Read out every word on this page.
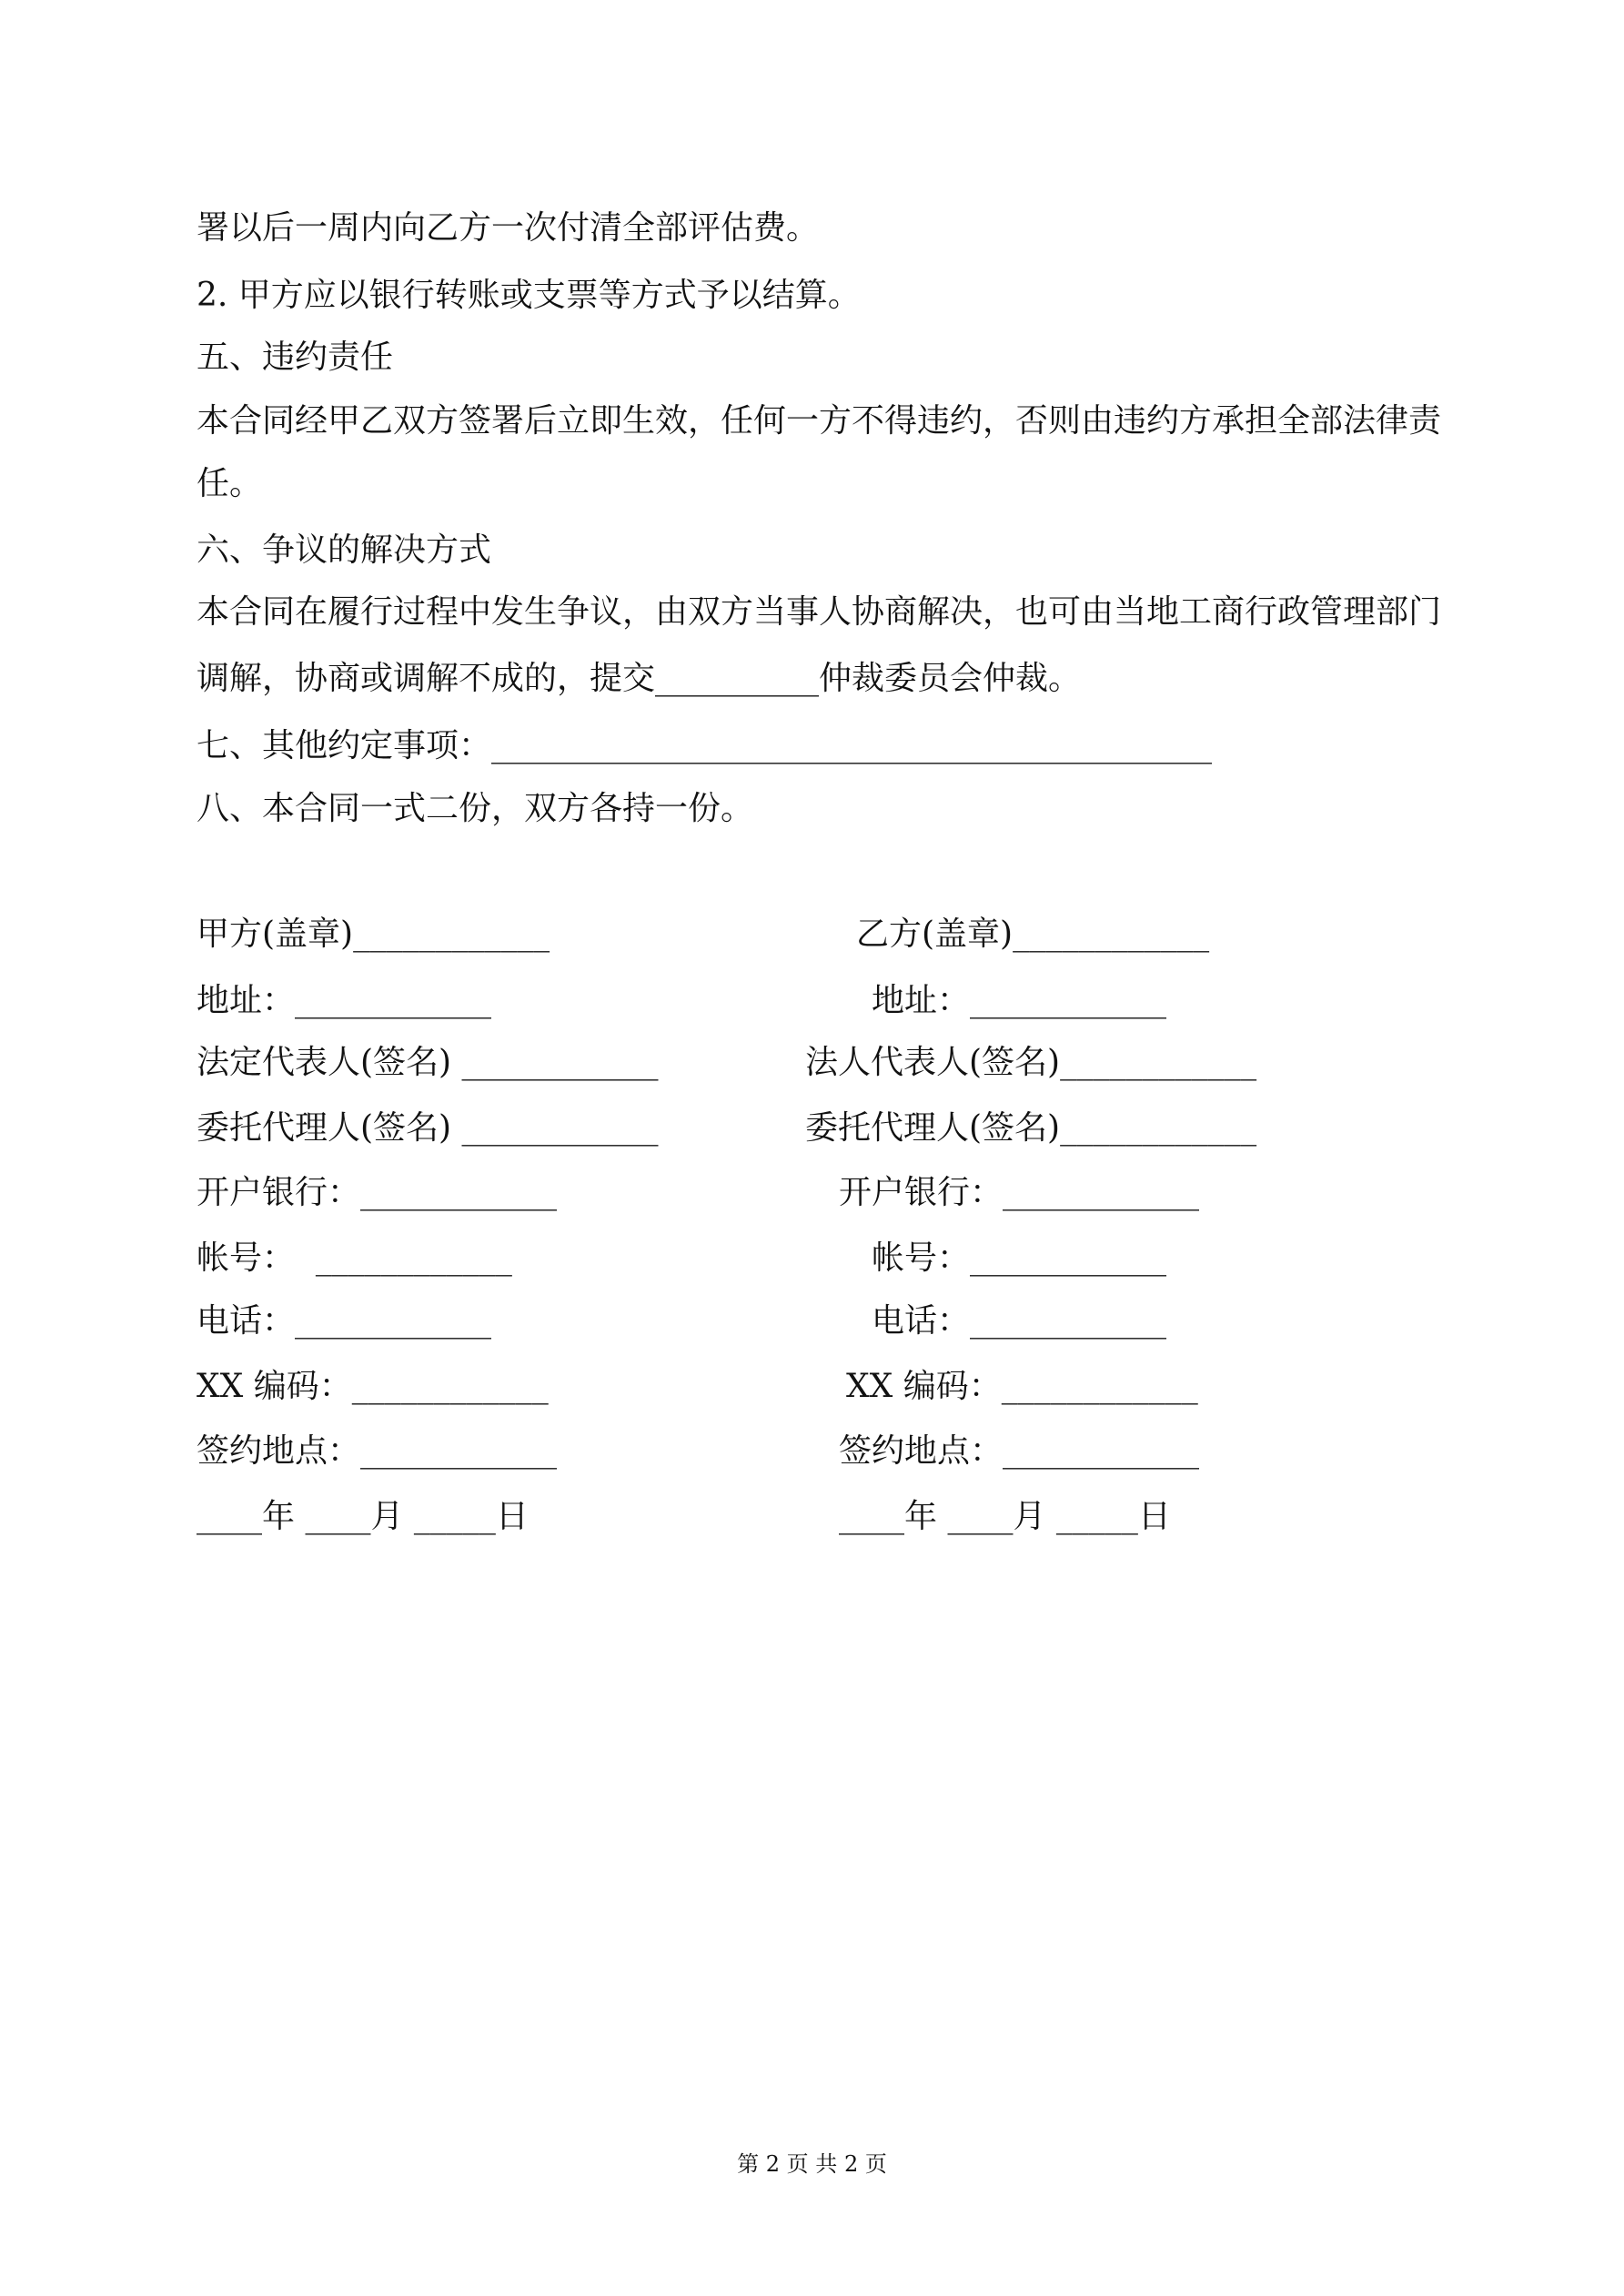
署以后一周内向乙方一次付清全部评估费。
2. 甲方应以银行转账或支票等方式予以结算。
五、违约责任
本合同经甲乙双方签署后立即生效，任何一方不得违约，否则由违约方承担全部法律责
任。
六、争议的解决方式
本合同在履行过程中发生争议，由双方当事人协商解决，也可由当地工商行政管理部门
调解，协商或调解不成的，提交__________仲裁委员会仲裁。
七、其他约定事项：____________________________________________
八、本合同一式二份，双方各持一份。
甲方(盖章)____________
地址：____________
法定代表人(签名) ____________
委托代理人(签名) ____________
开户银行：____________
帐号：  ____________
电话：____________
XX 编码：____________
签约地点：____________
____年 ____月 _____日
乙方(盖章)____________
地址：____________
法人代表人(签名)____________
委托代理人(签名)____________
开户银行：____________
帐号：____________
电话：____________
XX 编码：____________
签约地点：____________
____年 ____月 _____日
第 2 页 共 2 页
